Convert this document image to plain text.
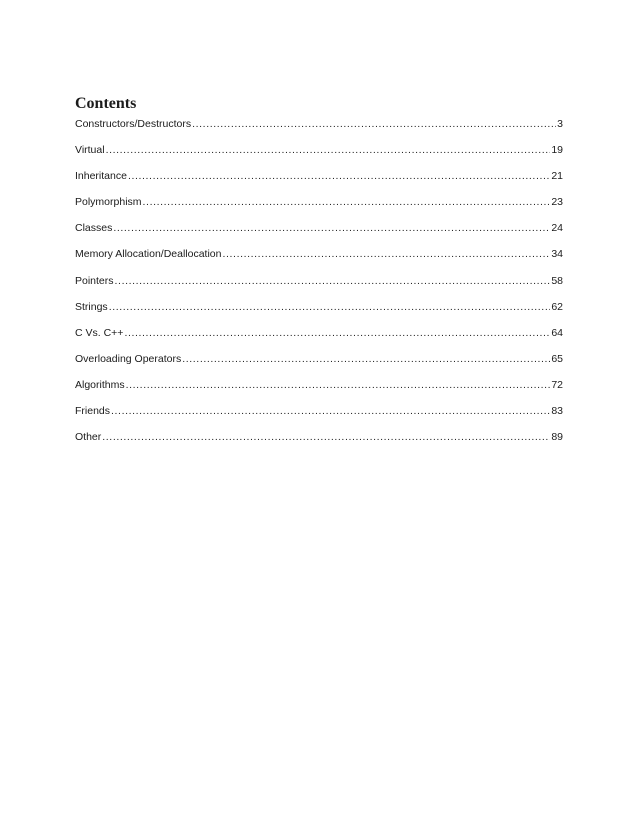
Contents
Constructors/Destructors .....	3
Virtual .....	19
Inheritance .....	21
Polymorphism .....	23
Classes .....	24
Memory Allocation/Deallocation .....	34
Pointers .....	58
Strings .....	62
C Vs. C++ .....	64
Overloading Operators .....	65
Algorithms .....	72
Friends .....	83
Other .....	89
